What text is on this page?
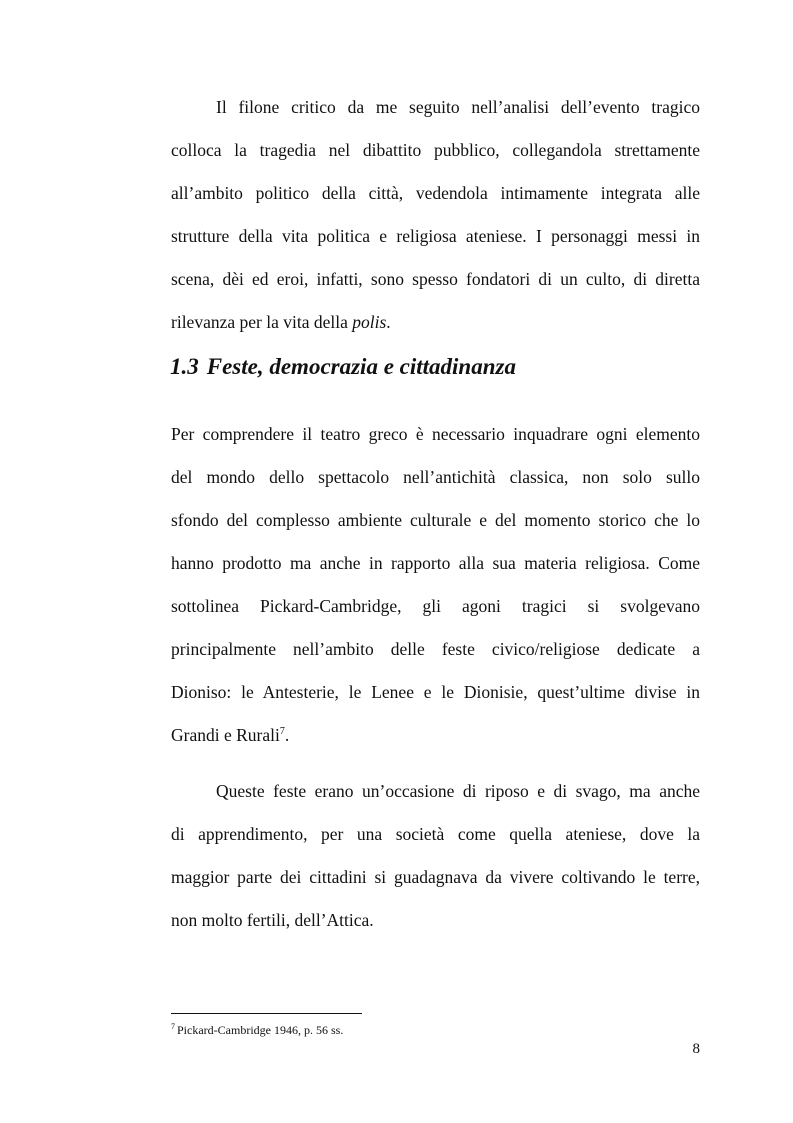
Il filone critico da me seguito nell’analisi dell’evento tragico
colloca la tragedia nel dibattito pubblico, collegandola strettamente
all’ambito politico della città, vedendola intimamente integrata alle
strutture della vita politica e religiosa ateniese. I personaggi messi in
scena, dèi ed eroi, infatti, sono spesso fondatori di un culto, di diretta
rilevanza per la vita della polis.
1.3 Feste, democrazia e cittadinanza
Per comprendere il teatro greco è necessario inquadrare ogni elemento
del mondo dello spettacolo nell’antichità classica, non solo sullo
sfondo del complesso ambiente culturale e del momento storico che lo
hanno prodotto ma anche in rapporto alla sua materia religiosa. Come
sottolinea Pickard-Cambridge, gli agoni tragici si svolgevano
principalmente nell’ambito delle feste civico/religiose dedicate a
Dioniso: le Antesterie, le Lenee e le Dionisie, quest’ultime divise in
Grandi e Rurali$^7$.
Queste feste erano un’occasione di riposo e di svago, ma anche
di apprendimento, per una società come quella ateniese, dove la
maggior parte dei cittadini si guadagnava da vivere coltivando le terre,
non molto fertili, dell’Attica.
$^7$ Pickard-Cambridge 1946, p. 56 ss.
8
